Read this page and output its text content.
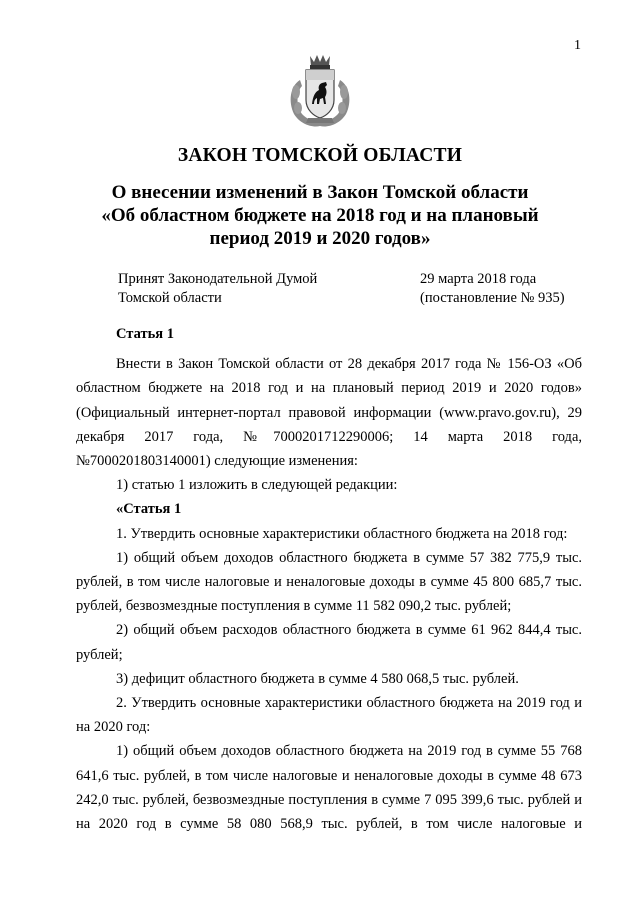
1
ЗАКОН ТОМСКОЙ ОБЛАСТИ
О внесении изменений в Закон Томской области
«Об областном бюджете на 2018 год и на плановый
период 2019 и 2020 годов»
Принят Законодательной Думой
Томской области
29 марта 2018 года
(постановление № 935)

Статья 1

Внести в Закон Томской области от 28 декабря 2017 года № 156-ОЗ «Об областном бюджете на 2018 год и на плановый период 2019 и 2020 годов» (Официальный интернет-портал правовой информации (www.pravo.gov.ru), 29 декабря 2017 года, №7000201712290006; 14 марта 2018 года, №7000201803140001) следующие изменения:

1) статью 1 изложить в следующей редакции:

«Статья 1

1. Утвердить основные характеристики областного бюджета на 2018 год:

1) общий объем доходов областного бюджета в сумме 57 382 775,9 тыс. рублей, в том числе налоговые и неналоговые доходы в сумме 45 800 685,7 тыс. рублей, безвозмездные поступления в сумме 11 582 090,2 тыс. рублей;

2) общий объем расходов областного бюджета в сумме 61 962 844,4 тыс. рублей;

3) дефицит областного бюджета в сумме 4 580 068,5 тыс. рублей.

2. Утвердить основные характеристики областного бюджета на 2019 год и на 2020 год:

1) общий объем доходов областного бюджета на 2019 год в сумме 55 768 641,6 тыс. рублей, в том числе налоговые и неналоговые доходы в сумме 48 673 242,0 тыс. рублей, безвозмездные поступления в сумме 7 095 399,6 тыс. рублей и на 2020 год в сумме 58 080 568,9 тыс. рублей, в том числе налоговые и
